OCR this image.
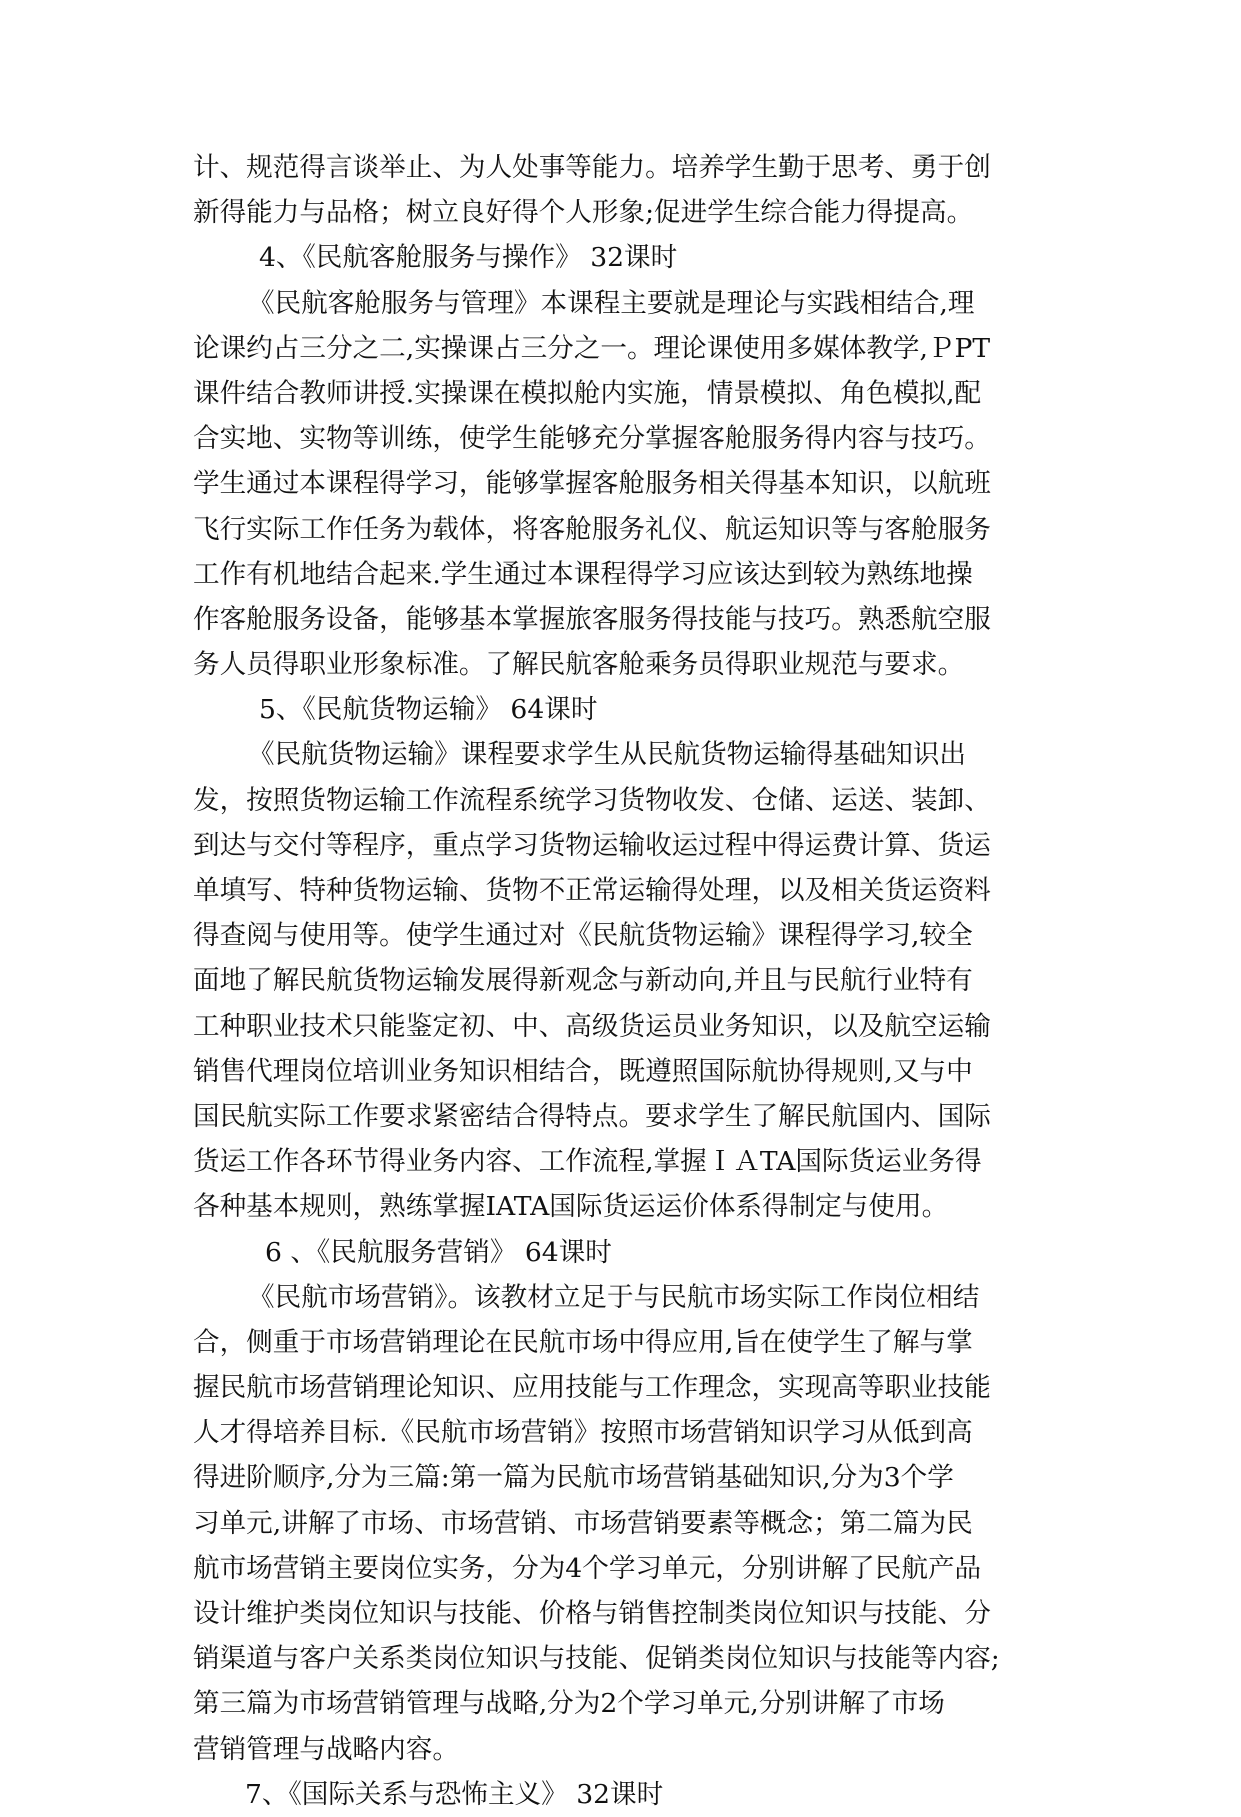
计、规范得言谈举止、为人处事等能力。培养学生勤于思考、勇于创
新得能力与品格；树立良好得个人形象;促进学生综合能力得提高。
4、《民航客舱服务与操作》 32课时
《民航客舱服务与管理》本课程主要就是理论与实践相结合,理
论课约占三分之二,实操课占三分之一。理论课使用多媒体教学,ＰPT
课件结合教师讲授.实操课在模拟舱内实施，情景模拟、角色模拟,配
合实地、实物等训练，使学生能够充分掌握客舱服务得内容与技巧。
学生通过本课程得学习，能够掌握客舱服务相关得基本知识，以航班
飞行实际工作任务为载体，将客舱服务礼仪、航运知识等与客舱服务
工作有机地结合起来.学生通过本课程得学习应该达到较为熟练地操
作客舱服务设备，能够基本掌握旅客服务得技能与技巧。熟悉航空服
务人员得职业形象标准。了解民航客舱乘务员得职业规范与要求。
5、《民航货物运输》 64课时
《民航货物运输》课程要求学生从民航货物运输得基础知识出
发，按照货物运输工作流程系统学习货物收发、仓储、运送、装卸、
到达与交付等程序，重点学习货物运输收运过程中得运费计算、货运
单填写、特种货物运输、货物不正常运输得处理，以及相关货运资料
得查阅与使用等。使学生通过对《民航货物运输》课程得学习,较全
面地了解民航货物运输发展得新观念与新动向,并且与民航行业特有
工种职业技术只能鉴定初、中、高级货运员业务知识，以及航空运输
销售代理岗位培训业务知识相结合，既遵照国际航协得规则,又与中
国民航实际工作要求紧密结合得特点。要求学生了解民航国内、国际
货运工作各环节得业务内容、工作流程,掌握ＩＡTA国际货运业务得
各种基本规则，熟练掌握IATA国际货运运价体系得制定与使用。
6 、《民航服务营销》 64课时
《民航市场营销》。该教材立足于与民航市场实际工作岗位相结
合，侧重于市场营销理论在民航市场中得应用,旨在使学生了解与掌
握民航市场营销理论知识、应用技能与工作理念，实现高等职业技能
人才得培养目标.《民航市场营销》按照市场营销知识学习从低到高
得进阶顺序,分为三篇:第一篇为民航市场营销基础知识,分为3个学
习单元,讲解了市场、市场营销、市场营销要素等概念；第二篇为民
航市场营销主要岗位实务，分为4个学习单元，分别讲解了民航产品
设计维护类岗位知识与技能、价格与销售控制类岗位知识与技能、分
销渠道与客户关系类岗位知识与技能、促销类岗位知识与技能等内容;
第三篇为市场营销管理与战略,分为2个学习单元,分别讲解了市场
营销管理与战略内容。
7、《国际关系与恐怖主义》 32课时
